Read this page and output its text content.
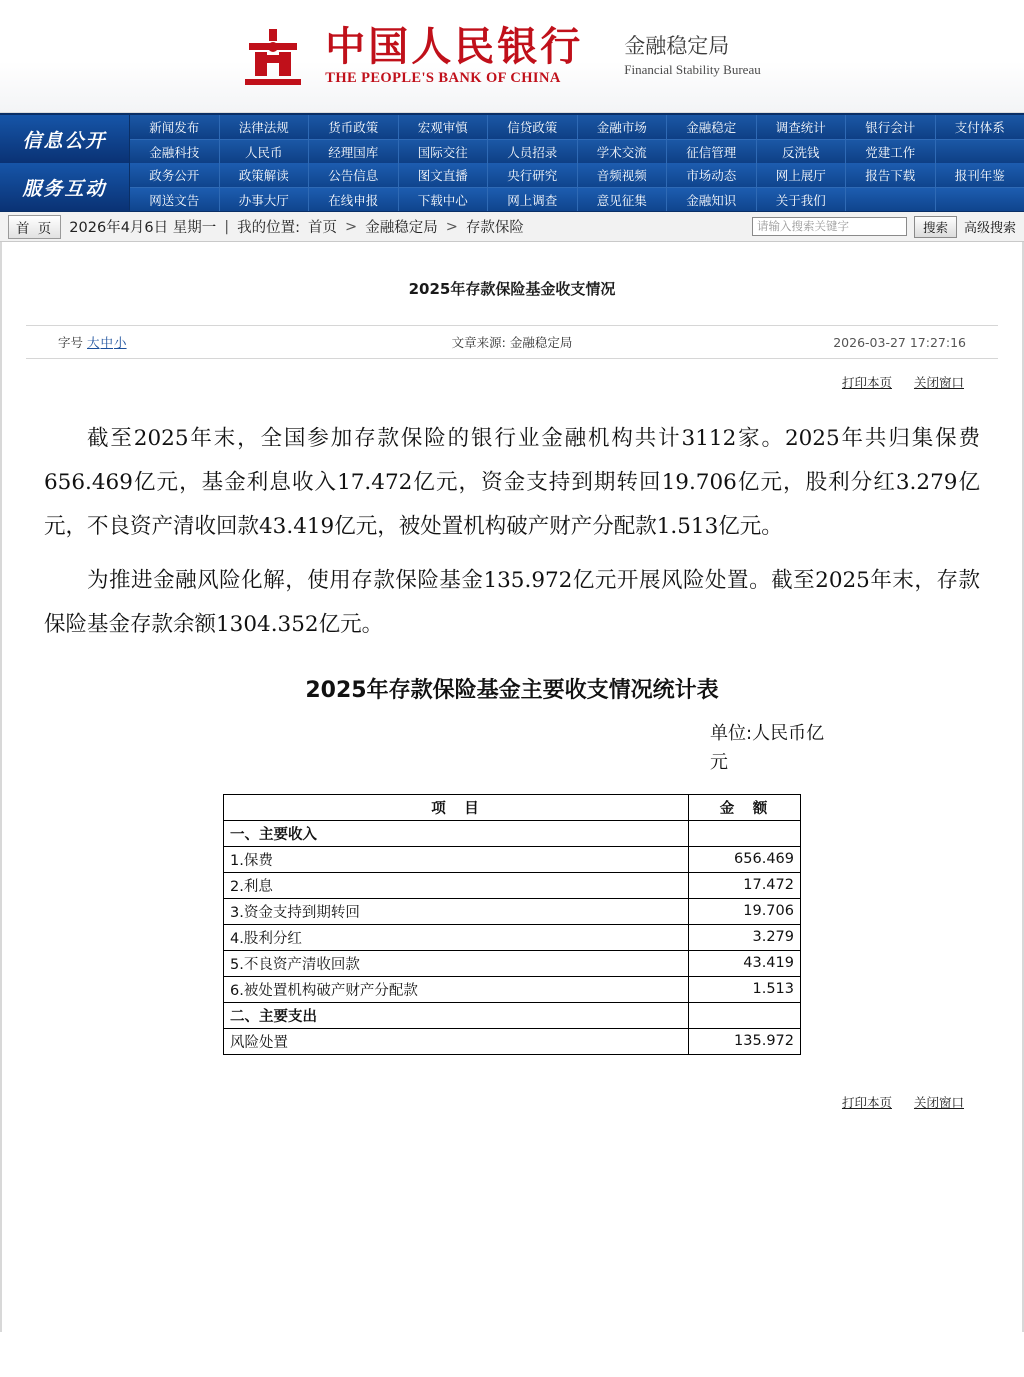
中国人民银行
THE PEOPLE'S BANK OF CHINA
金融稳定局
Financial Stability Bureau
信息公开
新闻发布	法律法规	货币政策	宏观审慎	信贷政策	金融市场	金融稳定	调查统计	银行会计	支付体系
金融科技	人民币	经理国库	国际交往	人员招录	学术交流	征信管理	反洗钱	党建工作
服务互动
政务公开	政策解读	公告信息	图文直播	央行研究	音频视频	市场动态	网上展厅	报告下载	报刊年鉴
网送文告	办事大厅	在线申报	下载中心	网上调查	意见征集	金融知识	关于我们
首 页	2026年4月6日 星期一 | 我的位置: 首页 > 金融稳定局 > 存款保险	请输入搜索关键字	搜索	高级搜索
2025年存款保险基金收支情况
字号 大中小	文章来源: 金融稳定局	2026-03-27 17:27:16
打印本页 关闭窗口

截至2025年末，全国参加存款保险的银行业金融机构共计3112家。2025年共归集保费656.469亿元，基金利息收入17.472亿元，资金支持到期转回19.706亿元，股利分红3.279亿元，不良资产清收回款43.419亿元，被处置机构破产财产分配款1.513亿元。

为推进金融风险化解，使用存款保险基金135.972亿元开展风险处置。截至2025年末，存款保险基金存款余额1304.352亿元。

2025年存款保险基金主要收支情况统计表
单位:人民币亿元
项　目	金　额
一、主要收入	
1.保费	656.469
2.利息	17.472
3.资金支持到期转回	19.706
4.股利分红	3.279
5.不良资产清收回款	43.419
6.被处置机构破产财产分配款	1.513
二、主要支出	
风险处置	135.972
打印本页 关闭窗口
